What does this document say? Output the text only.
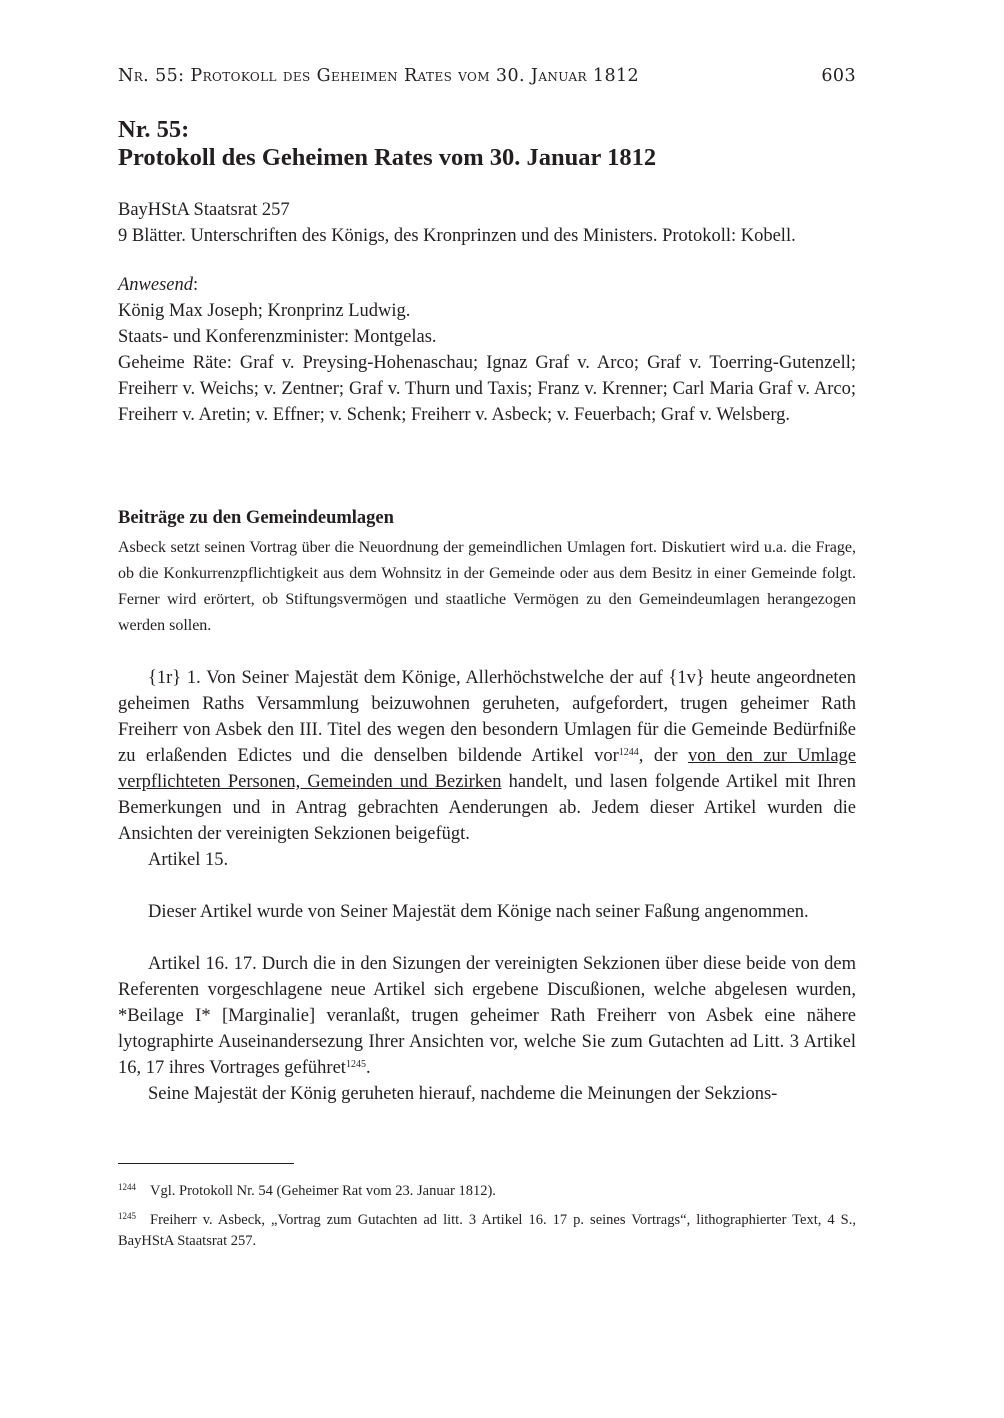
Nr. 55: Protokoll des Geheimen Rates vom 30. Januar 1812	603
Nr. 55:
Protokoll des Geheimen Rates vom 30. Januar 1812

BayHStA Staatsrat 257

9 Blätter. Unterschriften des Königs, des Kronprinzen und des Ministers. Protokoll: Kobell.

Anwesend:

König Max Joseph; Kronprinz Ludwig.

Staats- und Konferenzminister: Montgelas.

Geheime Räte: Graf v. Preysing-Hohenaschau; Ignaz Graf v. Arco; Graf v. Toerring-Gutenzell; Freiherr v. Weichs; v. Zentner; Graf v. Thurn und Taxis; Franz v. Krenner; Carl Maria Graf v. Arco; Freiherr v. Aretin; v. Effner; v. Schenk; Freiherr v. Asbeck; v. Feuerbach; Graf v. Welsberg.

Beiträge zu den Gemeindeumlagen

Asbeck setzt seinen Vortrag über die Neuordnung der gemeindlichen Umlagen fort. Diskutiert wird u.a. die Frage, ob die Konkurrenzpflichtigkeit aus dem Wohnsitz in der Gemeinde oder aus dem Besitz in einer Gemeinde folgt. Ferner wird erörtert, ob Stiftungsvermögen und staatliche Vermögen zu den Gemeindeumlagen herangezogen werden sollen.

{1r} 1. Von Seiner Majestät dem Könige, Allerhöchstwelche der auf {1v} heute angeordneten geheimen Raths Versammlung beizuwohnen geruheten, aufgefordert, trugen geheimer Rath Freiherr von Asbek den III. Titel des wegen den besondern Umlagen für die Gemeinde Bedürfniße zu erlaßenden Edictes und die denselben bildende Artikel vor$^{1244}$, der von den zur Umlage verpflichteten Personen, Gemeinden und Bezirken handelt, und lasen folgende Artikel mit Ihren Bemerkungen und in Antrag gebrachten Aenderungen ab. Jedem dieser Artikel wurden die Ansichten der vereinigten Sekzionen beigefügt.

Artikel 15.

Dieser Artikel wurde von Seiner Majestät dem Könige nach seiner Faßung angenommen.

Artikel 16. 17. Durch die in den Sizungen der vereinigten Sekzionen über diese beide von dem Referenten vorgeschlagene neue Artikel sich ergebene Discußionen, welche abgelesen wurden, *Beilage I* [Marginalie] veranlaßt, trugen geheimer Rath Freiherr von Asbek eine nähere lytographirte Auseinandersezung Ihrer Ansichten vor, welche Sie zum Gutachten ad Litt. 3 Artikel 16, 17 ihres Vortrages geführet$^{1245}$.

Seine Majestät der König geruheten hierauf, nachdeme die Meinungen der Sekzions-

1244 Vgl. Protokoll Nr. 54 (Geheimer Rat vom 23. Januar 1812).

1245 Freiherr v. Asbeck, „Vortrag zum Gutachten ad litt. 3 Artikel 16. 17 p. seines Vortrags“, lithographierter Text, 4 S., BayHStA Staatsrat 257.
